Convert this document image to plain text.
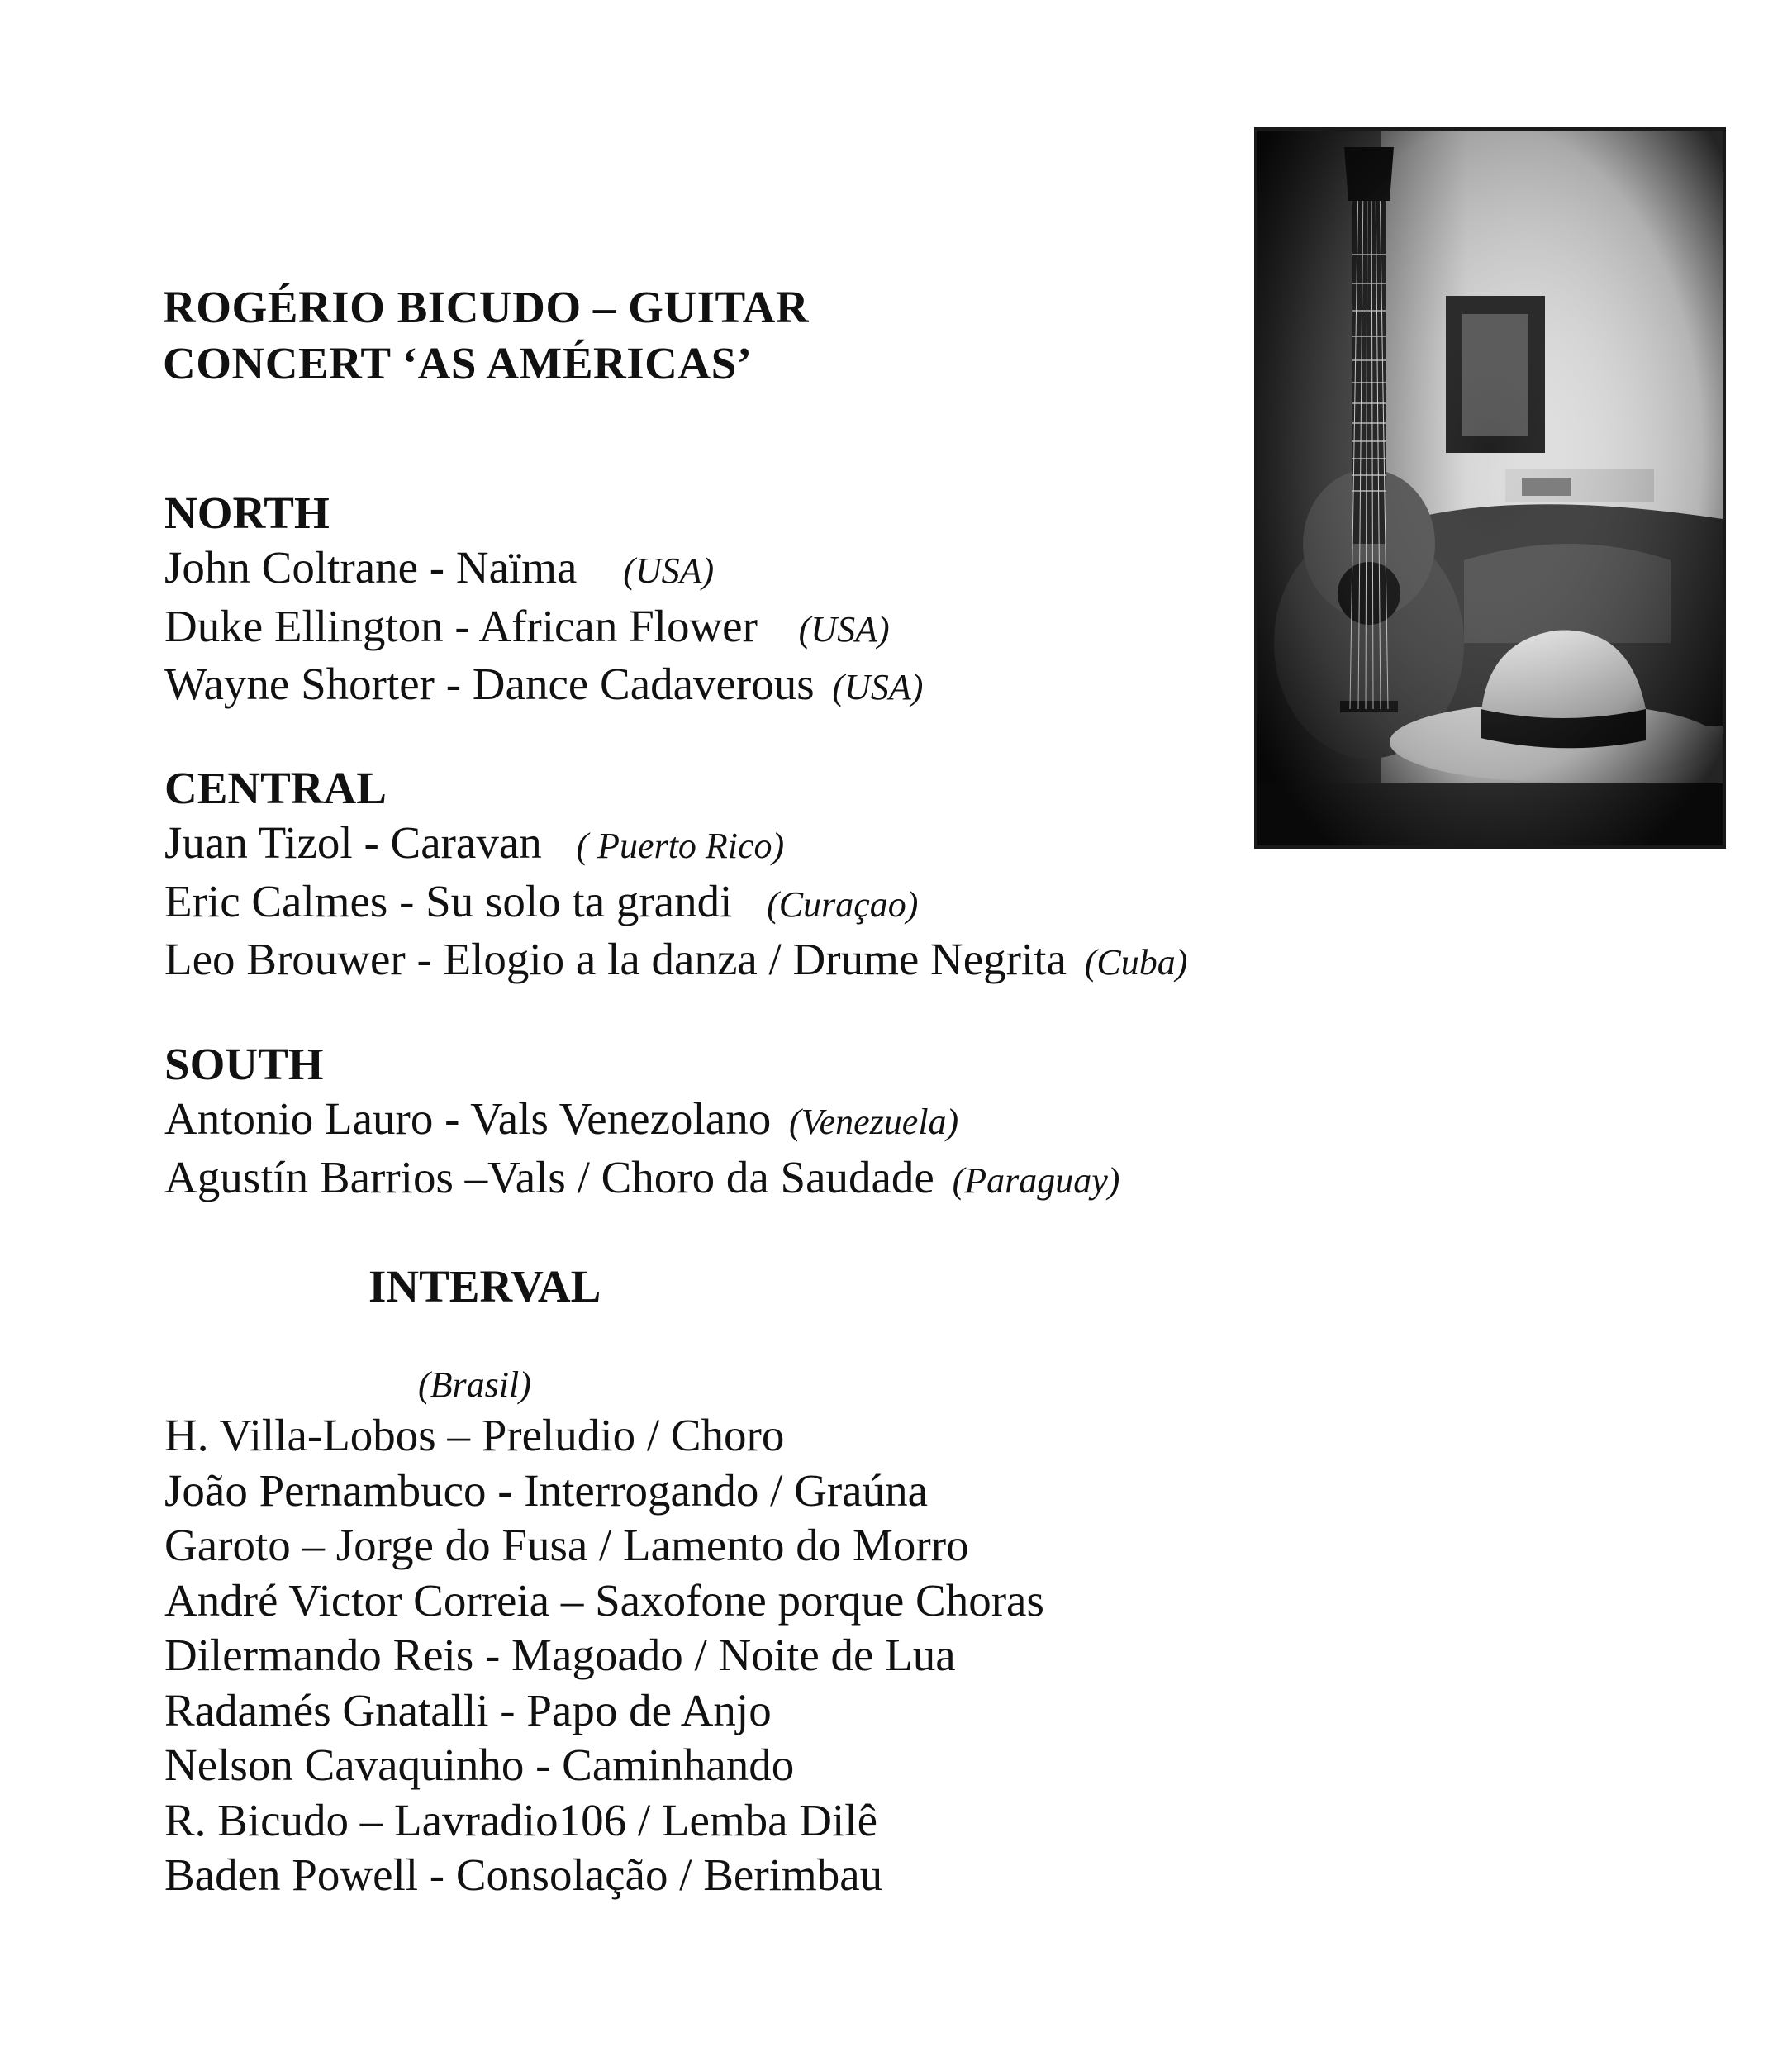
ROGÉRIO BICUDO – GUITAR
CONCERT ‘AS AMÉRICAS’
NORTH
John Coltrane - Naïma (USA)
Duke Ellington - African Flower (USA)
Wayne Shorter - Dance Cadaverous (USA)
CENTRAL
Juan Tizol - Caravan ( Puerto Rico)
Eric Calmes - Su solo ta grandi (Curaçao)
Leo Brouwer - Elogio a la danza / Drume Negrita (Cuba)
SOUTH
Antonio Lauro - Vals Venezolano (Venezuela)
Agustín Barrios –Vals / Choro da Saudade (Paraguay)
INTERVAL
(Brasil)
H. Villa-Lobos – Preludio / Choro
João Pernambuco - Interrogando / Graúna
Garoto – Jorge do Fusa / Lamento do Morro
André Victor Correia – Saxofone porque Choras
Dilermando Reis - Magoado / Noite de Lua
Radamés Gnatalli - Papo de Anjo
Nelson Cavaquinho - Caminhando
R. Bicudo – Lavradio106 / Lemba Dilê
Baden Powell - Consolação / Berimbau
